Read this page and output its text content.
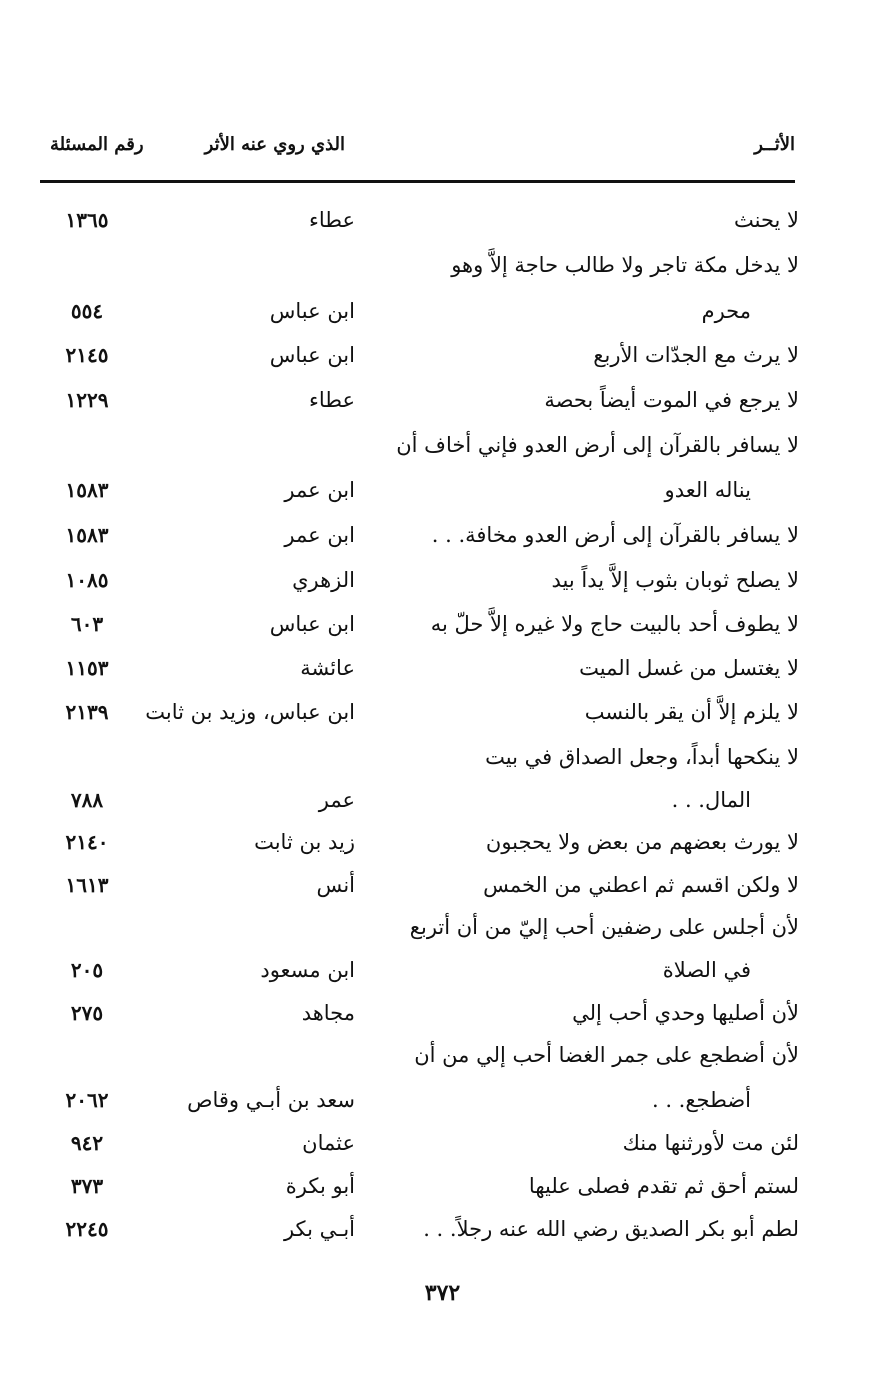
الأثــر
الذي روي عنه الأثر
رقم المسئلة
لا يحنث
عطاء
١٣٦٥
لا يدخل مكة تاجر ولا طالب حاجة إلاَّ وهو
محرم
ابن عباس
٥٥٤
لا يرث مع الجدّات الأربع
ابن عباس
٢١٤٥
لا يرجع في الموت أيضاً بحصة
عطاء
١٢٢٩
لا يسافر بالقرآن إلى أرض العدو فإني أخاف أن
يناله العدو
ابن عمر
١٥٨٣
لا يسافر بالقرآن إلى أرض العدو مخافة. . .
ابن عمر
١٥٨٣
لا يصلح ثوبان بثوب إلاَّ يداً بيد
الزهري
١٠٨٥
لا يطوف أحد بالبيت حاج ولا غيره إلاَّ حلّ به
ابن عباس
٦٠٣
لا يغتسل من غسل الميت
عائشة
١١٥٣
لا يلزم إلاَّ أن يقر بالنسب
ابن عباس، وزيد بن ثابت
٢١٣٩
لا ينكحها أبداً، وجعل الصداق في بيت
المال. . .
عمر
٧٨٨
لا يورث بعضهم من بعض ولا يحجبون
زيد بن ثابت
٢١٤٠
لا ولكن اقسم ثم اعطني من الخمس
أنس
١٦١٣
لأن أجلس على رضفين أحب إليّ من أن أتربع
في الصلاة
ابن مسعود
٢٠٥
لأن أصليها وحدي أحب إلي
مجاهد
٢٧٥
لأن أضطجع على جمر الغضا أحب إلي من أن
أضطجع. . .
سعد بن أبـي وقاص
٢٠٦٢
لئن مت لأورثنها منك
عثمان
٩٤٢
لستم أحق ثم تقدم فصلى عليها
أبو بكرة
٣٧٣
لطم أبو بكر الصديق رضي الله عنه رجلاً. . .
أبـي بكر
٢٢٤٥
٣٧٢
